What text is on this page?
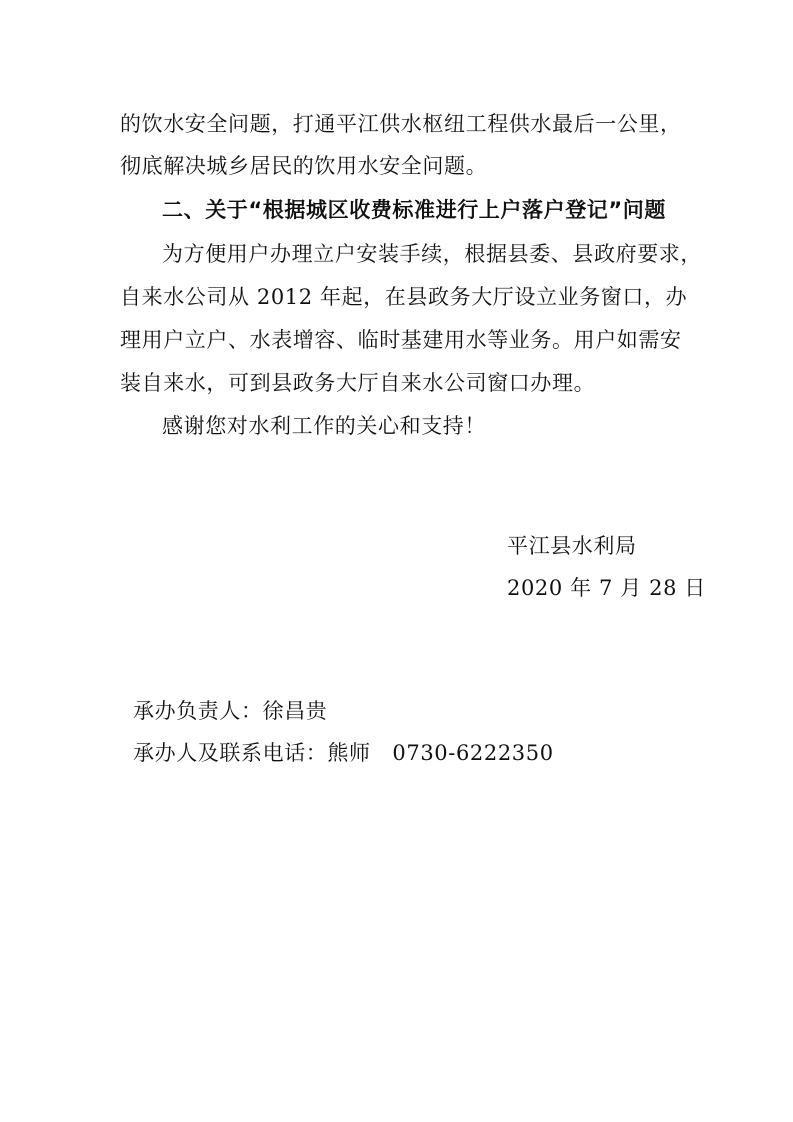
的饮水安全问题，打通平江供水枢纽工程供水最后一公里，
彻底解决城乡居民的饮用水安全问题。
二、关于“根据城区收费标准进行上户落户登记”问题
为方便用户办理立户安装手续，根据县委、县政府要求，
自来水公司从 2012 年起，在县政务大厅设立业务窗口，办
理用户立户、水表增容、临时基建用水等业务。用户如需安
装自来水，可到县政务大厅自来水公司窗口办理。
感谢您对水利工作的关心和支持！
平江县水利局
2020 年 7 月 28 日
承办负责人：徐昌贵
承办人及联系电话：熊师   0730-6222350
